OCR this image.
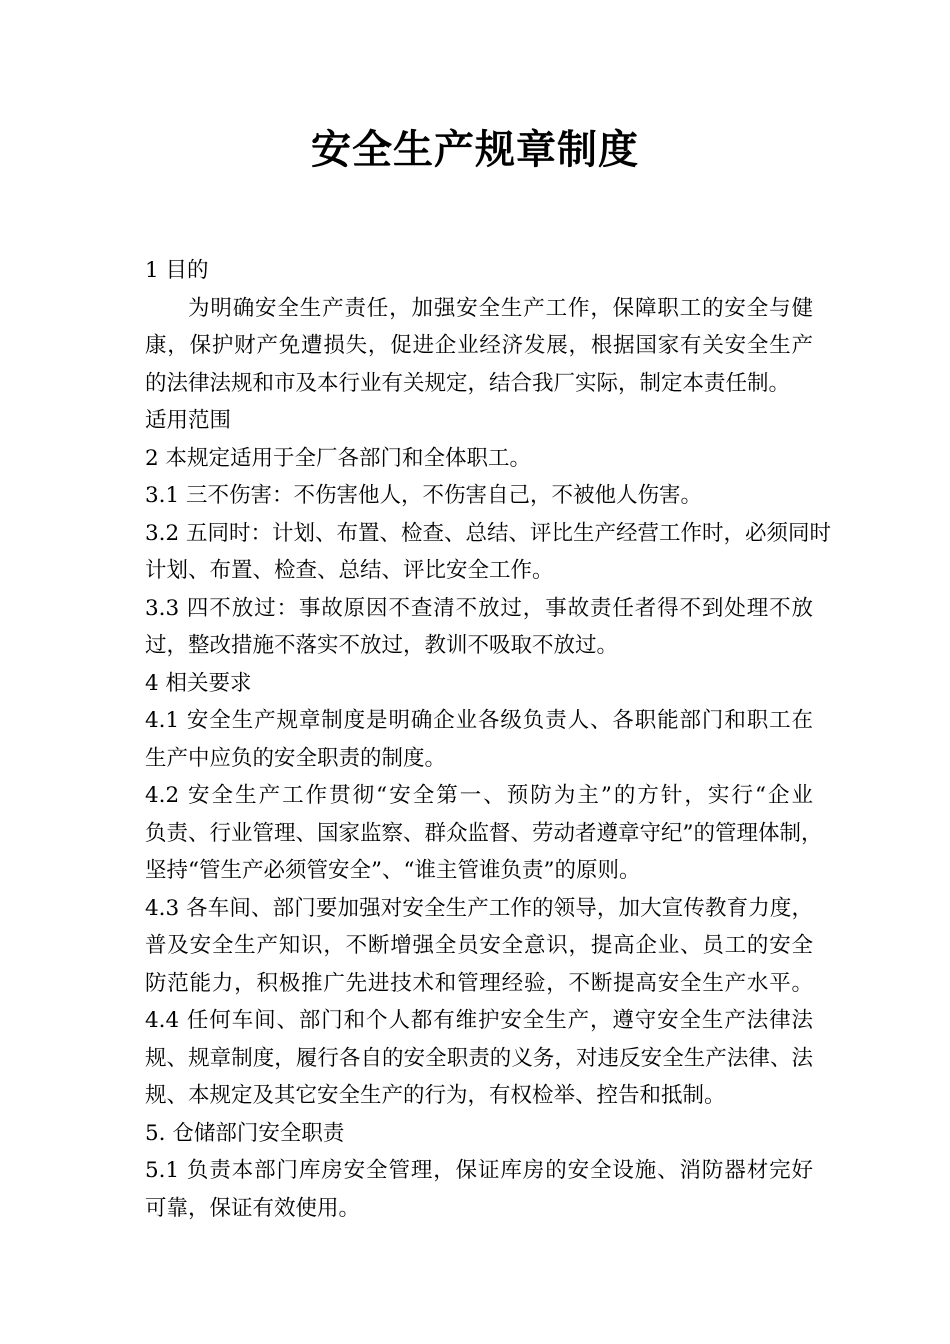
安全生产规章制度
1 目的
为明确安全生产责任，加强安全生产工作，保障职工的安全与健
康，保护财产免遭损失，促进企业经济发展，根据国家有关安全生产
的法律法规和市及本行业有关规定，结合我厂实际，制定本责任制。
适用范围
2 本规定适用于全厂各部门和全体职工。
3.1 三不伤害：不伤害他人，不伤害自己，不被他人伤害。
3.2 五同时：计划、布置、检查、总结、评比生产经营工作时，必须同时
计划、布置、检查、总结、评比安全工作。
3.3 四不放过：事故原因不查清不放过，事故责任者得不到处理不放
过，整改措施不落实不放过，教训不吸取不放过。
4 相关要求
4.1 安全生产规章制度是明确企业各级负责人、各职能部门和职工在
生产中应负的安全职责的制度。
4.2 安全生产工作贯彻“安全第一、预防为主”的方针，实行“企业
负责、行业管理、国家监察、群众监督、劳动者遵章守纪”的管理体制，
坚持“管生产必须管安全”、“谁主管谁负责”的原则。
4.3 各车间、部门要加强对安全生产工作的领导，加大宣传教育力度，
普及安全生产知识，不断增强全员安全意识，提高企业、员工的安全
防范能力，积极推广先进技术和管理经验，不断提高安全生产水平。
4.4 任何车间、部门和个人都有维护安全生产，遵守安全生产法律法
规、规章制度，履行各自的安全职责的义务，对违反安全生产法律、法
规、本规定及其它安全生产的行为，有权检举、控告和抵制。
5. 仓储部门安全职责
5.1 负责本部门库房安全管理，保证库房的安全设施、消防器材完好
可靠，保证有效使用。
